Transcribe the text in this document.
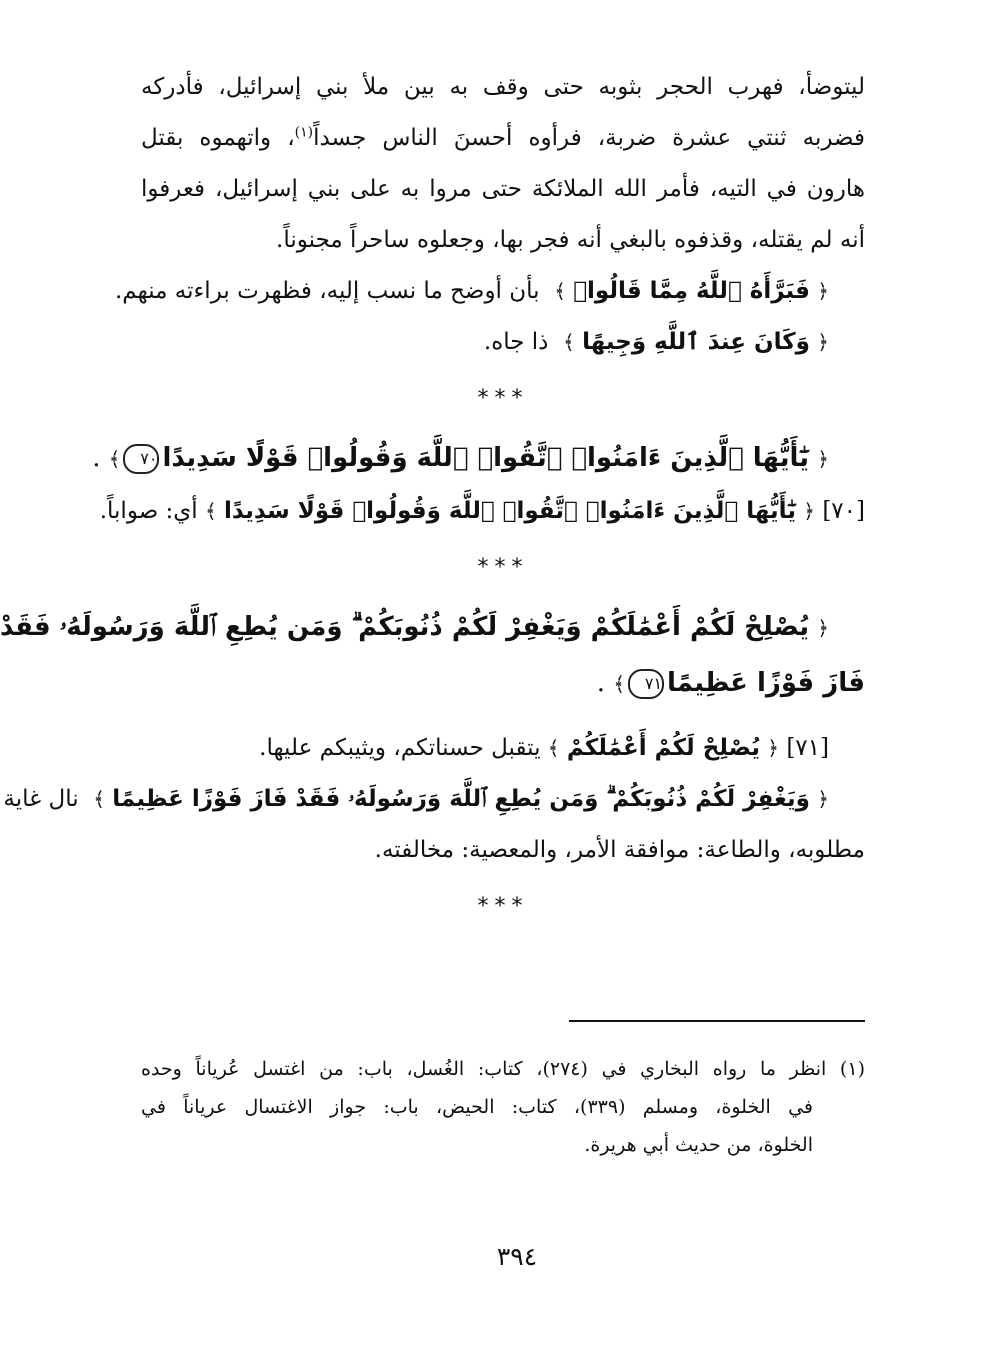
ليتوضأ، فهرب الحجر بثوبه حتى وقف به بين ملأ بني إسرائيل، فأدركه
فضربه ثنتي عشرة ضربة، فرأوه أحسنَ الناس جسداً$^{(١)}$، واتهموه بقتل
هارون في التيه، فأمر الله الملائكة حتى مروا به على بني إسرائيل، فعرفوا
أنه لم يقتله، وقذفوه بالبغي أنه فجر بها، وجعلوه ساحراً مجنوناً.
﴿ فَبَرَّأَهُ ٱللَّهُ مِمَّا قَالُوا۟ ﴾  بأن أوضح ما نسب إليه، فظهرت براءته منهم.
﴿ وَكَانَ عِندَ ٱللَّهِ وَجِيهًا ﴾  ذا جاه.
***
﴿ يَٰٓأَيُّهَا ٱلَّذِينَ ءَامَنُوا۟ ٱتَّقُوا۟ ٱللَّهَ وَقُولُوا۟ قَوْلًا سَدِيدًا٧٠﴾ .
[٧٠] ﴿ يَٰٓأَيُّهَا ٱلَّذِينَ ءَامَنُوا۟ ٱتَّقُوا۟ ٱللَّهَ وَقُولُوا۟ قَوْلًا سَدِيدًا ﴾ أي: صواباً.
***
﴿ يُصْلِحْ لَكُمْ أَعْمَٰلَكُمْ وَيَغْفِرْ لَكُمْ ذُنُوبَكُمْ ۗ وَمَن يُطِعِ ٱللَّهَ وَرَسُولَهُۥ فَقَدْ
فَازَ فَوْزًا عَظِيمًا٧١﴾ .
[٧١] ﴿ يُصْلِحْ لَكُمْ أَعْمَٰلَكُمْ ﴾ يتقبل حسناتكم، ويثيبكم عليها.
﴿ وَيَغْفِرْ لَكُمْ ذُنُوبَكُمْ ۗ وَمَن يُطِعِ ٱللَّهَ وَرَسُولَهُۥ فَقَدْ فَازَ فَوْزًا عَظِيمًا ﴾  نال غاية
مطلوبه، والطاعة: موافقة الأمر، والمعصية: مخالفته.
***
(١) انظر ما رواه البخاري في (٢٧٤)، كتاب: الغُسل، باب: من اغتسل عُرياناً وحده
في الخلوة، ومسلم (٣٣٩)، كتاب: الحيض، باب: جواز الاغتسال عرياناً في
الخلوة، من حديث أبي هريرة.
٣٩٤
